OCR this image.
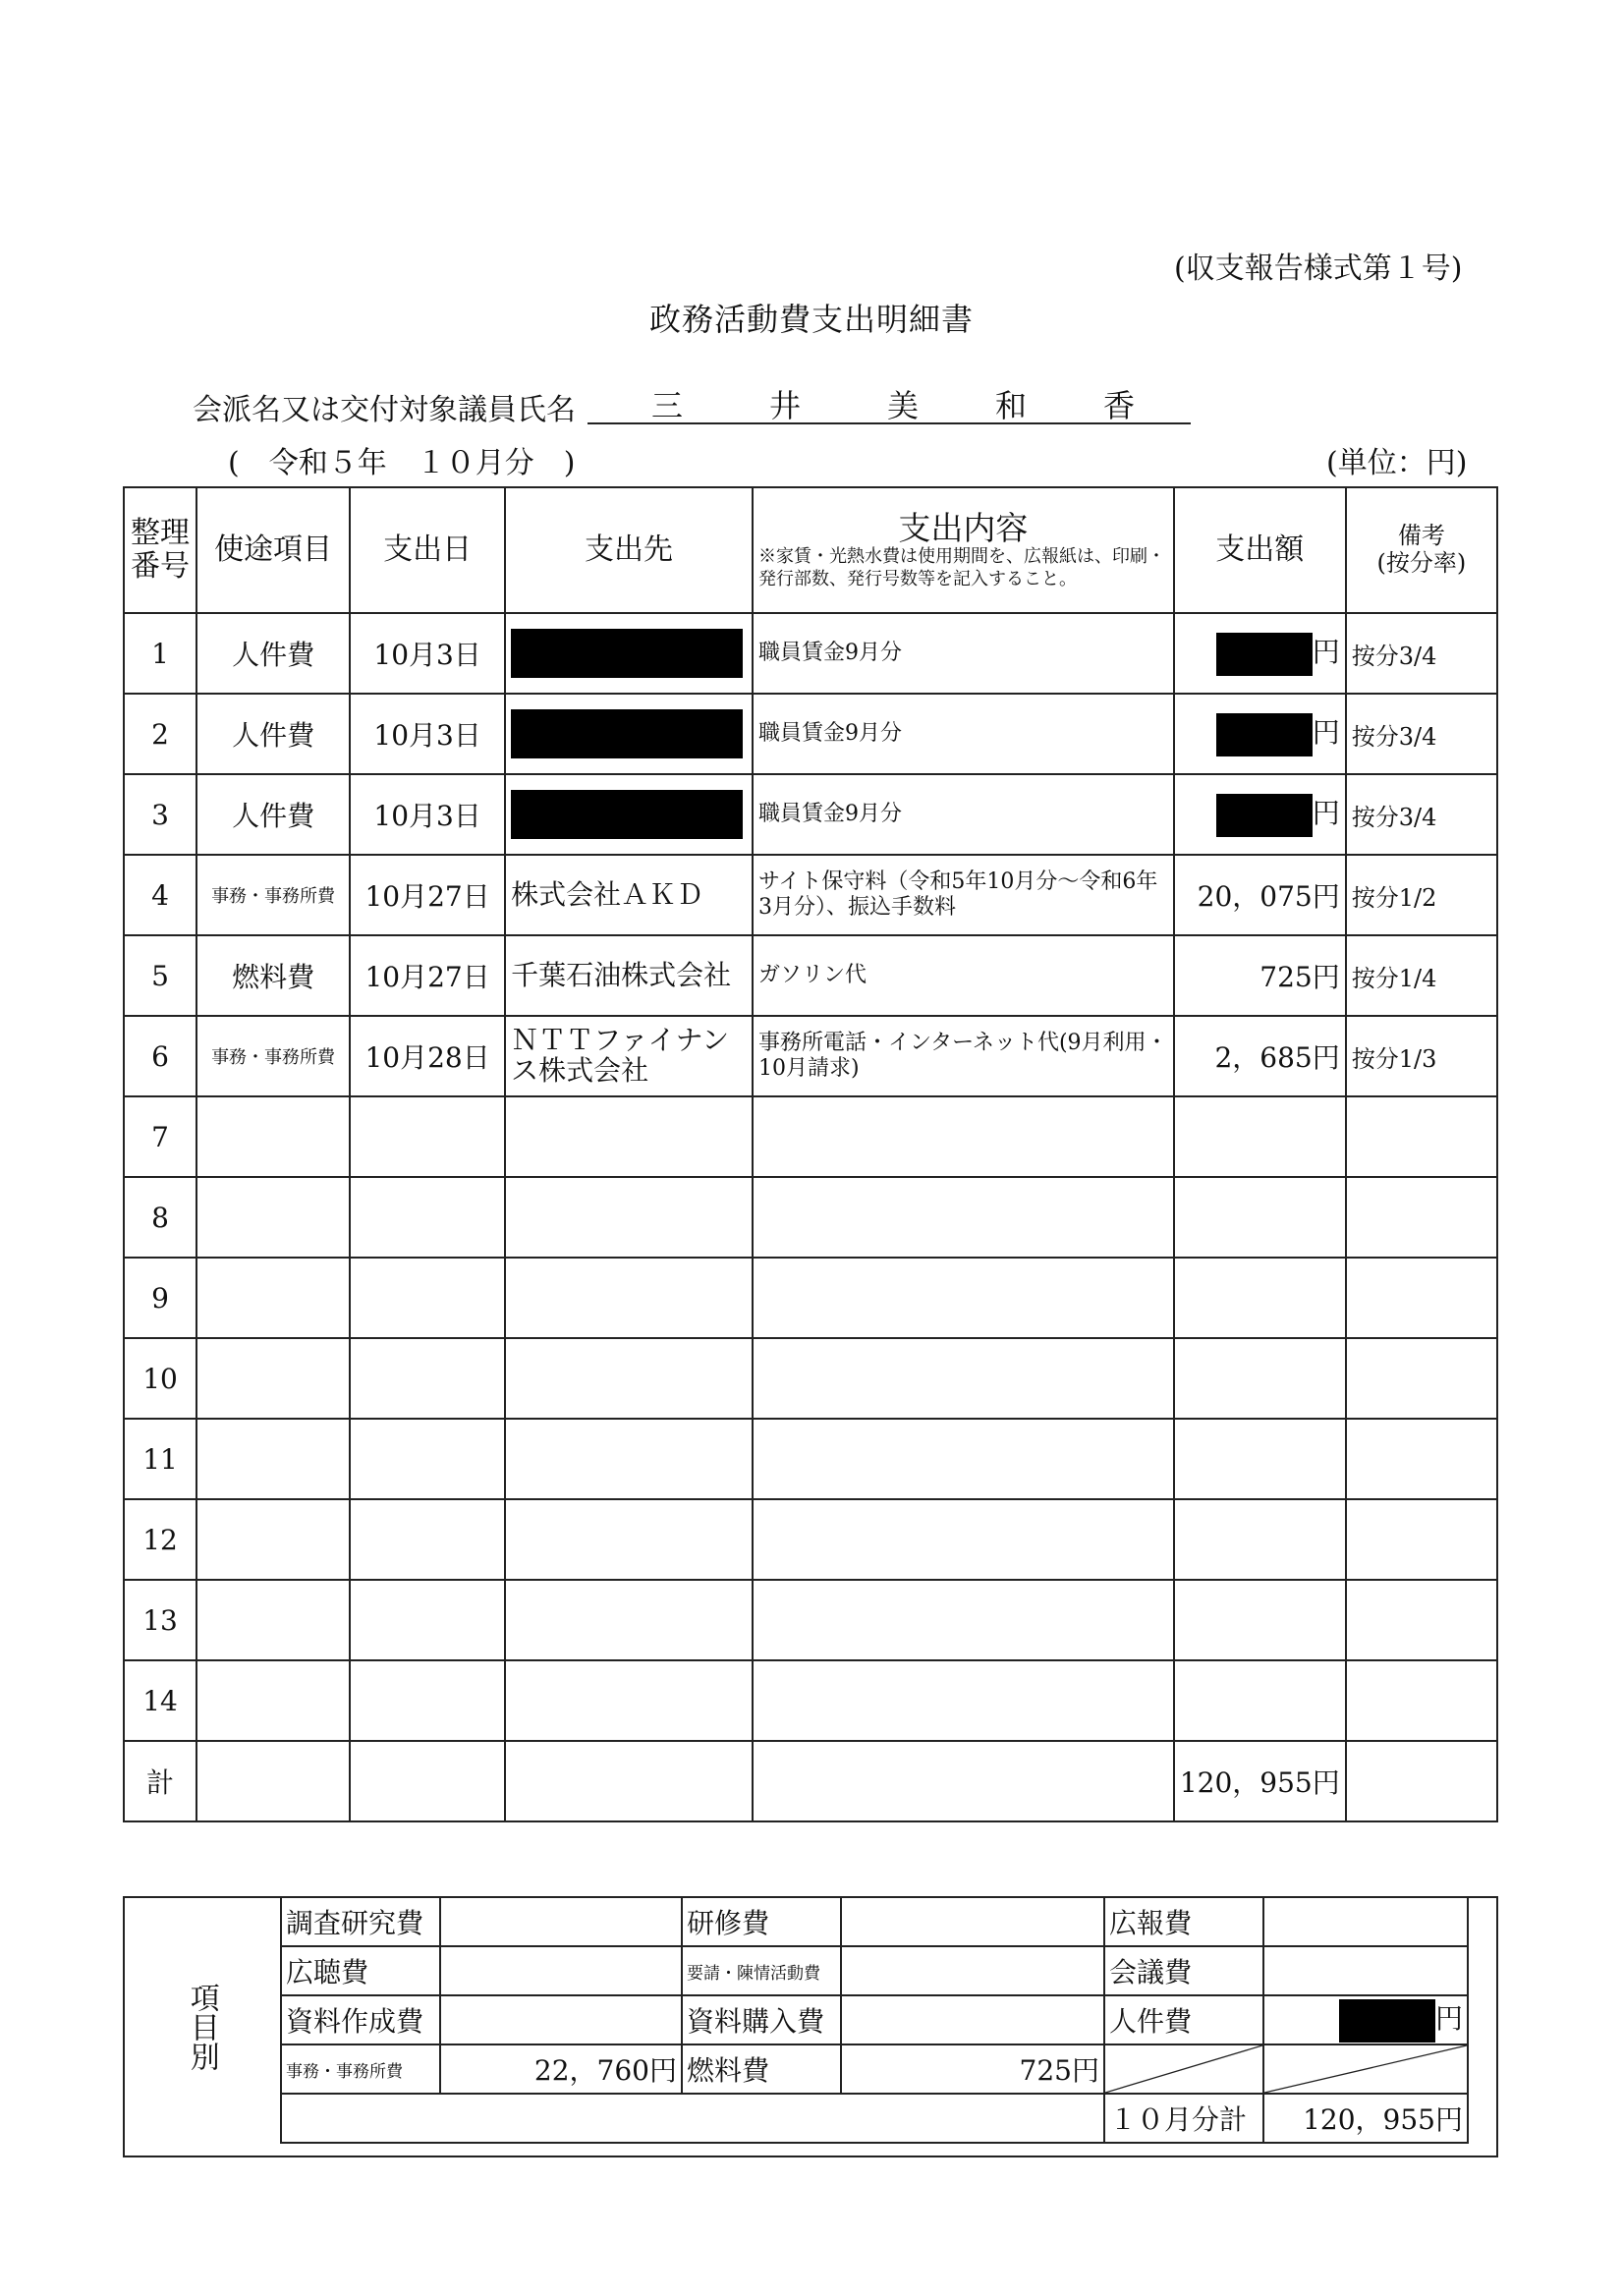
(収支報告様式第１号)
政務活動費支出明細書
会派名又は交付対象議員氏名 三	井	美 和 香
(　令和５年　１０月分　)	(単位：円)
整理番号	使途項目	支出日	支出先	支出内容
※家賃・光熱水費は使用期間を、広報紙は、印刷・発行部数、発行号数等を記入すること。	支出額	備考
(按分率)

1	人件費	10月3日		職員賃金9月分	円	按分3/4
2	人件費	10月3日		職員賃金9月分	円	按分3/4
3	人件費	10月3日		職員賃金9月分	円	按分3/4
4	事務・事務所費	10月27日	株式会社ＡＫＤ	サイト保守料（令和5年10月分～令和6年3月分）、振込手数料	20，075円	按分1/2
5	燃料費	10月27日	千葉石油株式会社	ガソリン代	725円	按分1/4
6	事務・事務所費	10月28日	ＮＴＴファイナンス株式会社	事務所電話・インターネット代(9月利用・10月請求)	2，685円	按分1/3
7			

8			

9			

10			

11			

12			

13			

14			

計					120，955円	
項目別
調査研究費		研修費		広報費	
広聴費		要請・陳情活動費		会議費	
資料作成費		資料購入費		人件費	円
事務・事務所費	22，760円	燃料費	725円	

				１０月分計	120，955円
